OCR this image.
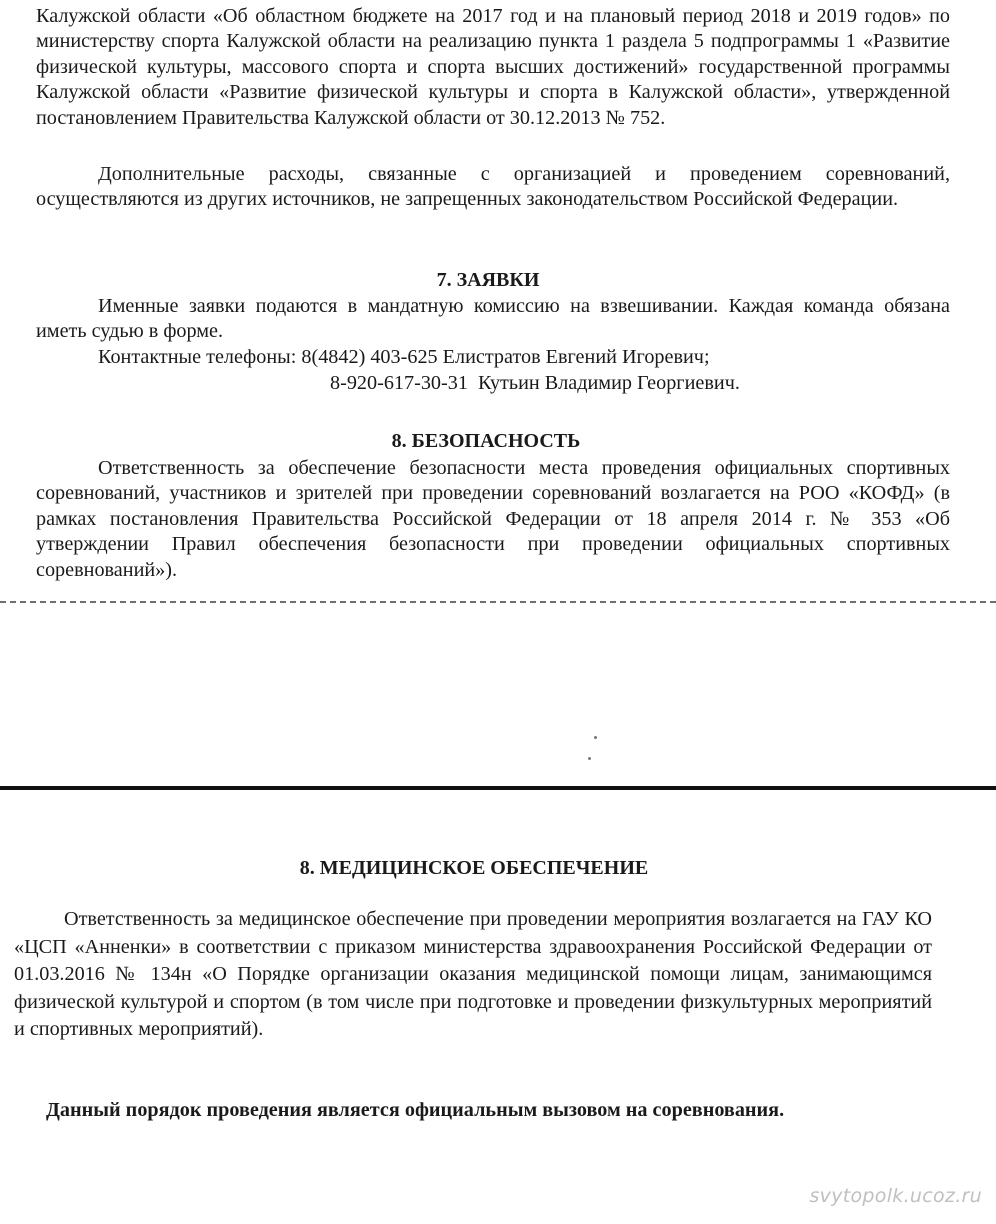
Калужской области «Об областном бюджете на 2017 год и на плановый период 2018 и 2019 годов» по министерству спорта Калужской области на реализацию пункта 1 раздела 5 подпрограммы 1 «Развитие физической культуры, массового спорта и спорта высших достижений» государственной программы Калужской области «Развитие физической культуры и спорта в Калужской области», утвержденной постановлением Правительства Калужской области от 30.12.2013 № 752.

Дополнительные расходы, связанные с организацией и проведением соревнований, осуществляются из других источников, не запрещенных законодательством Российской Федерации.

7. ЗАЯВКИ

Именные заявки подаются в мандатную комиссию на взвешивании. Каждая команда обязана иметь судью в форме.

Контактные телефоны: 8(4842) 403-625 Елистратов Евгений Игоревич;
8-920-617-30-31  Кутьин Владимир Георгиевич.
8. БЕЗОПАСНОСТЬ

Ответственность за обеспечение безопасности места проведения официальных спортивных соревнований, участников и зрителей при проведении соревнований возлагается на РОО «КОФД» (в рамках постановления Правительства Российской Федерации от 18 апреля 2014 г. № 353 «Об утверждении Правил обеспечения безопасности при проведении официальных спортивных соревнований»).

8. МЕДИЦИНСКОЕ ОБЕСПЕЧЕНИЕ

Ответственность за медицинское обеспечение при проведении мероприятия возлагается на ГАУ КО «ЦСП «Анненки» в соответствии с приказом министерства здравоохранения Российской Федерации от 01.03.2016 № 134н «О Порядке организации оказания медицинской помощи лицам, занимающимся физической культурой и спортом (в том числе при подготовке и проведении физкультурных мероприятий и спортивных мероприятий).

Данный порядок проведения является официальным вызовом на соревнования.
svytopolk.ucoz.ru
